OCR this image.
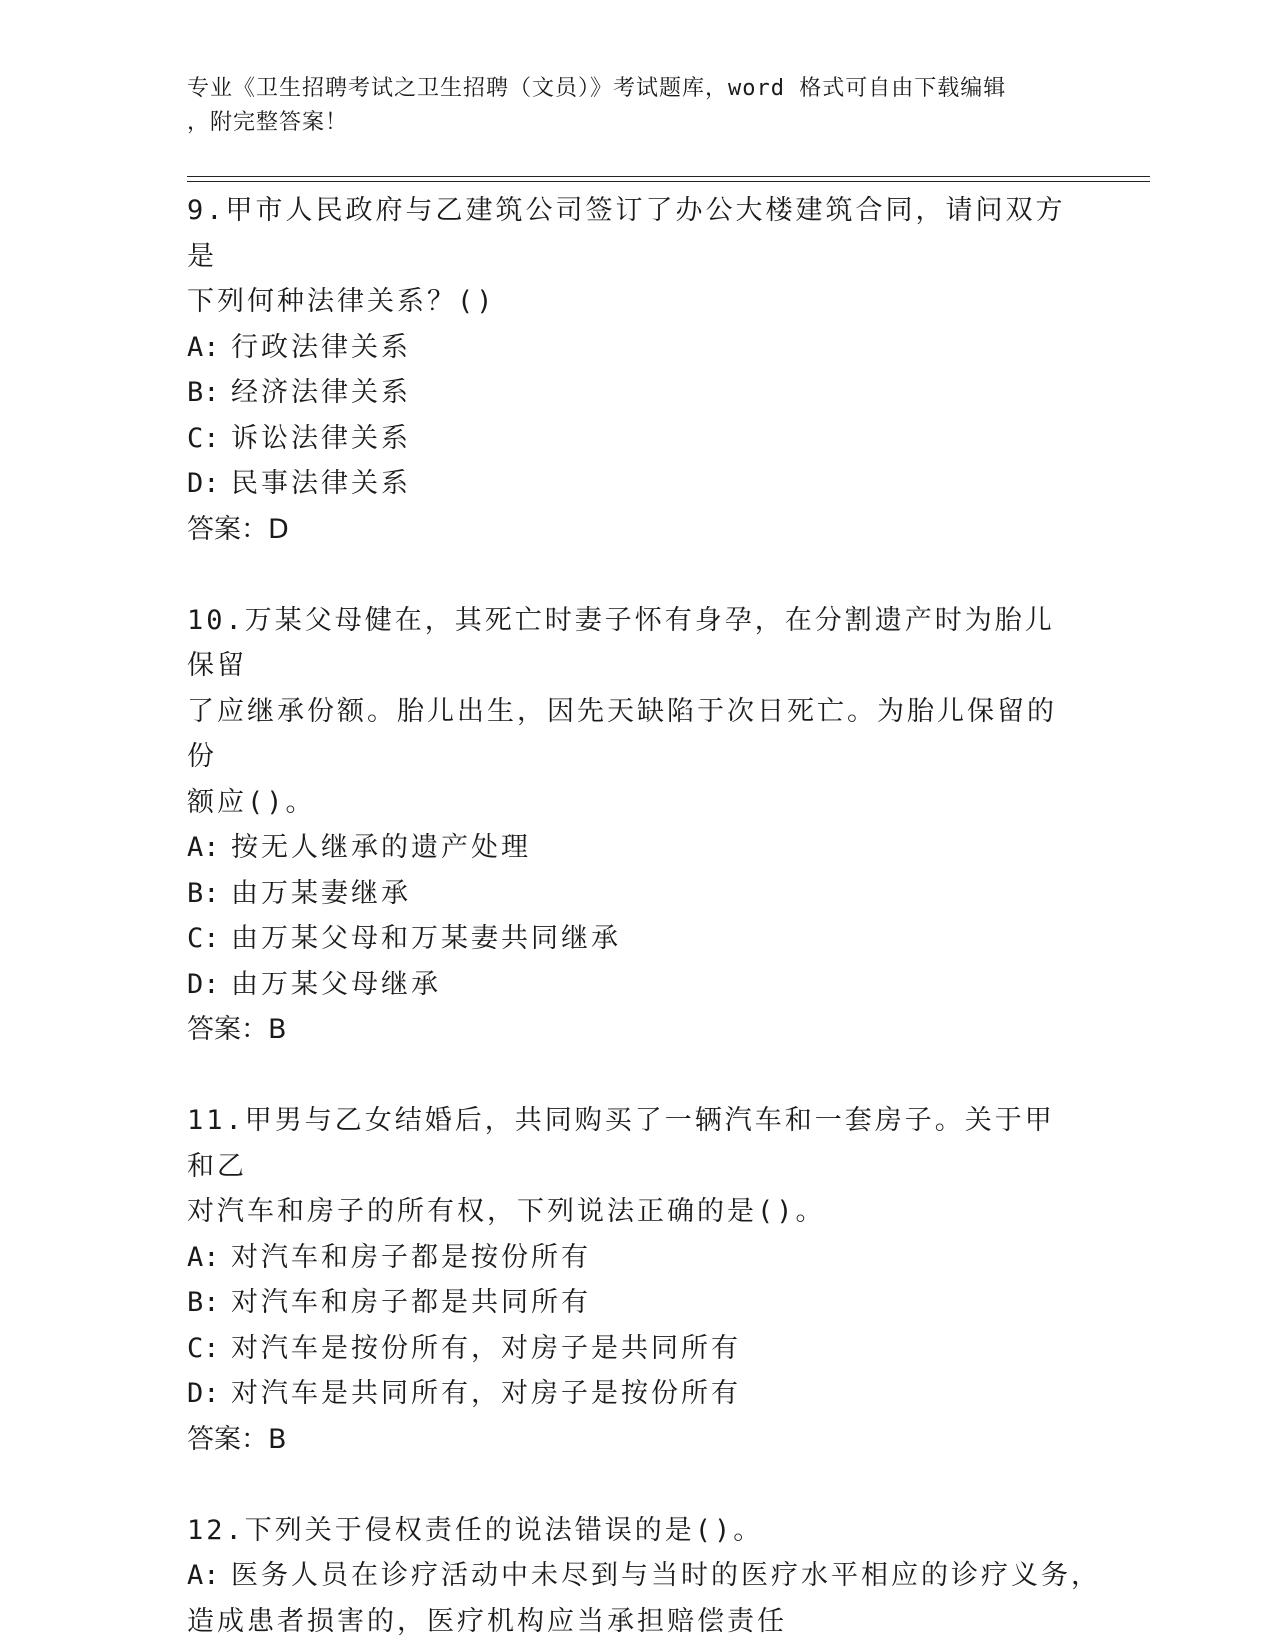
专业《卫生招聘考试之卫生招聘（文员）》考试题库，word 格式可自由下载编辑
，附完整答案！
9.甲市人民政府与乙建筑公司签订了办公大楼建筑合同，请问双方是
下列何种法律关系？()
A: 行政法律关系
B: 经济法律关系
C: 诉讼法律关系
D: 民事法律关系
答案：D
10.万某父母健在，其死亡时妻子怀有身孕，在分割遗产时为胎儿保留
了应继承份额。胎儿出生，因先天缺陷于次日死亡。为胎儿保留的份
额应()。
A: 按无人继承的遗产处理
B: 由万某妻继承
C: 由万某父母和万某妻共同继承
D: 由万某父母继承
答案：B
11.甲男与乙女结婚后，共同购买了一辆汽车和一套房子。关于甲和乙
对汽车和房子的所有权，下列说法正确的是()。
A: 对汽车和房子都是按份所有
B: 对汽车和房子都是共同所有
C: 对汽车是按份所有，对房子是共同所有
D: 对汽车是共同所有，对房子是按份所有
答案：B
12.下列关于侵权责任的说法错误的是()。
A: 医务人员在诊疗活动中未尽到与当时的医疗水平相应的诊疗义务，
造成患者损害的，医疗机构应当承担赔偿责任
